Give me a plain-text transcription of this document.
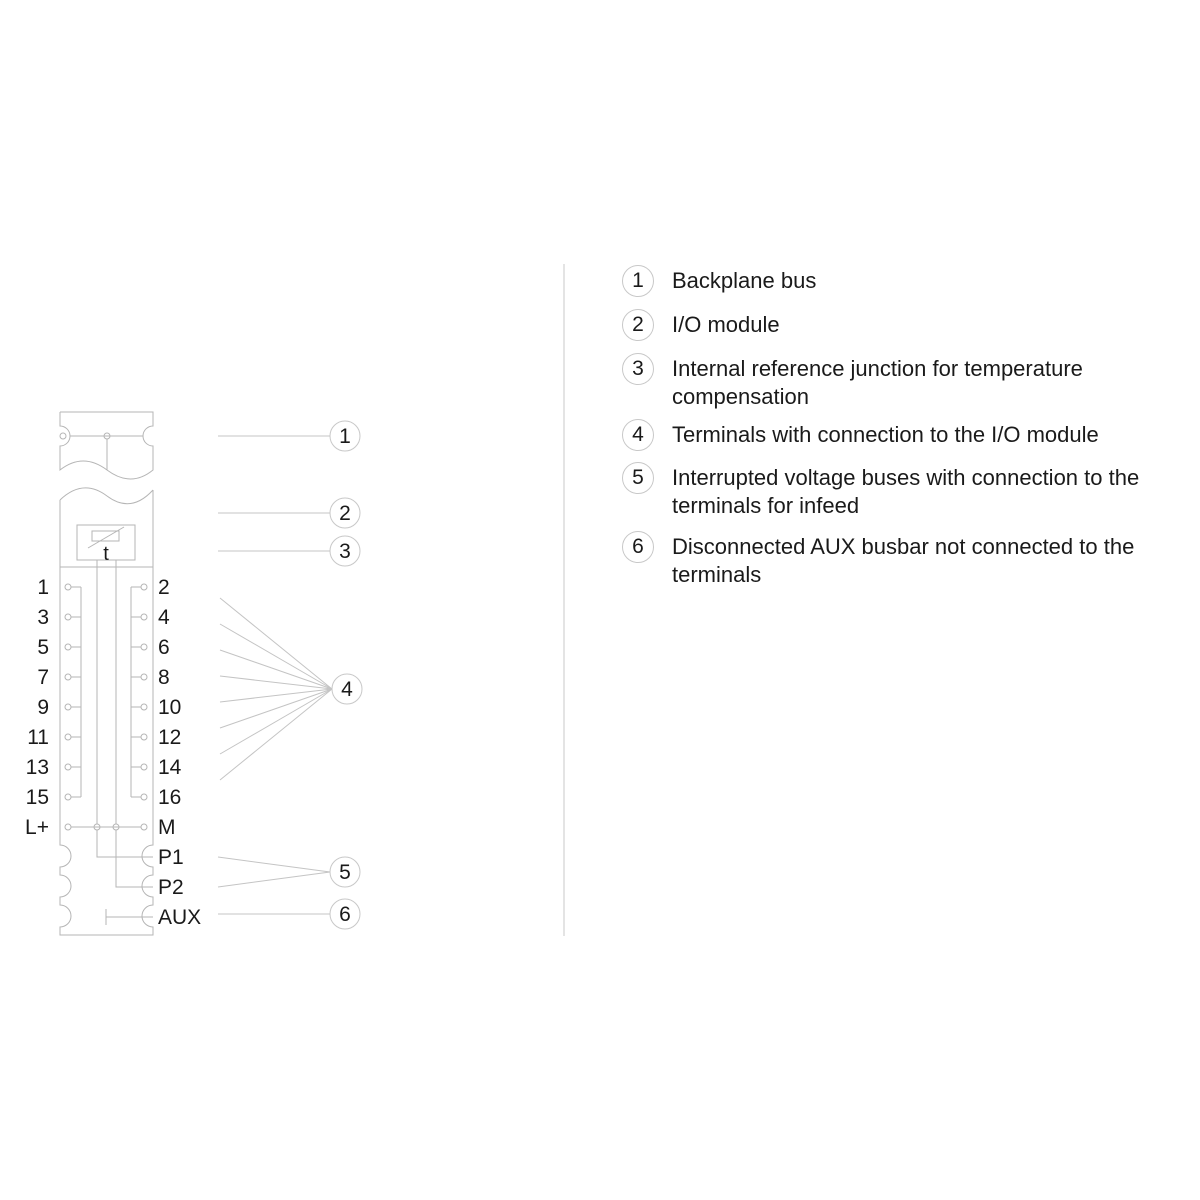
1
3
5
7
9
11
13
15
L+
2
4
6
8
10
12
14
16
M
P1
P2
AUX
t
1
2
3
4
5
6
1	Backplane bus
2	I/O module
3	Internal reference junction for temperature compensation
4	Terminals with connection to the I/O module
5	Interrupted voltage buses with connection to the terminals for infeed
6	Disconnected AUX busbar not connected to the terminals
